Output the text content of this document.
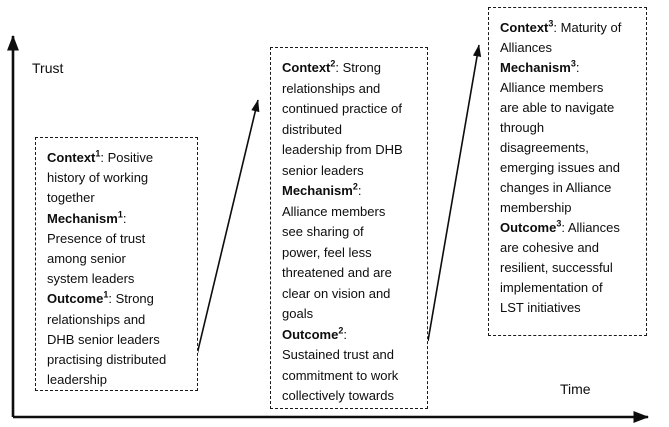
Trust
Time
Context$^1$: Positive
history of working
together
Mechanism$^1$:
Presence of trust
among senior
system leaders
Outcome$^1$: Strong
relationships and
DHB senior leaders
practising distributed
leadership
Context$^2$: Strong
relationships and
continued practice of
distributed
leadership from DHB
senior leaders
Mechanism$^2$:
Alliance members
see sharing of
power, feel less
threatened and are
clear on vision and
goals
Outcome$^2$:
Sustained trust and
commitment to work
collectively towards
Context$^3$: Maturity of
Alliances
Mechanism$^3$:
Alliance members
are able to navigate
through
disagreements,
emerging issues and
changes in Alliance
membership
Outcome$^3$: Alliances
are cohesive and
resilient, successful
implementation of
LST initiatives
